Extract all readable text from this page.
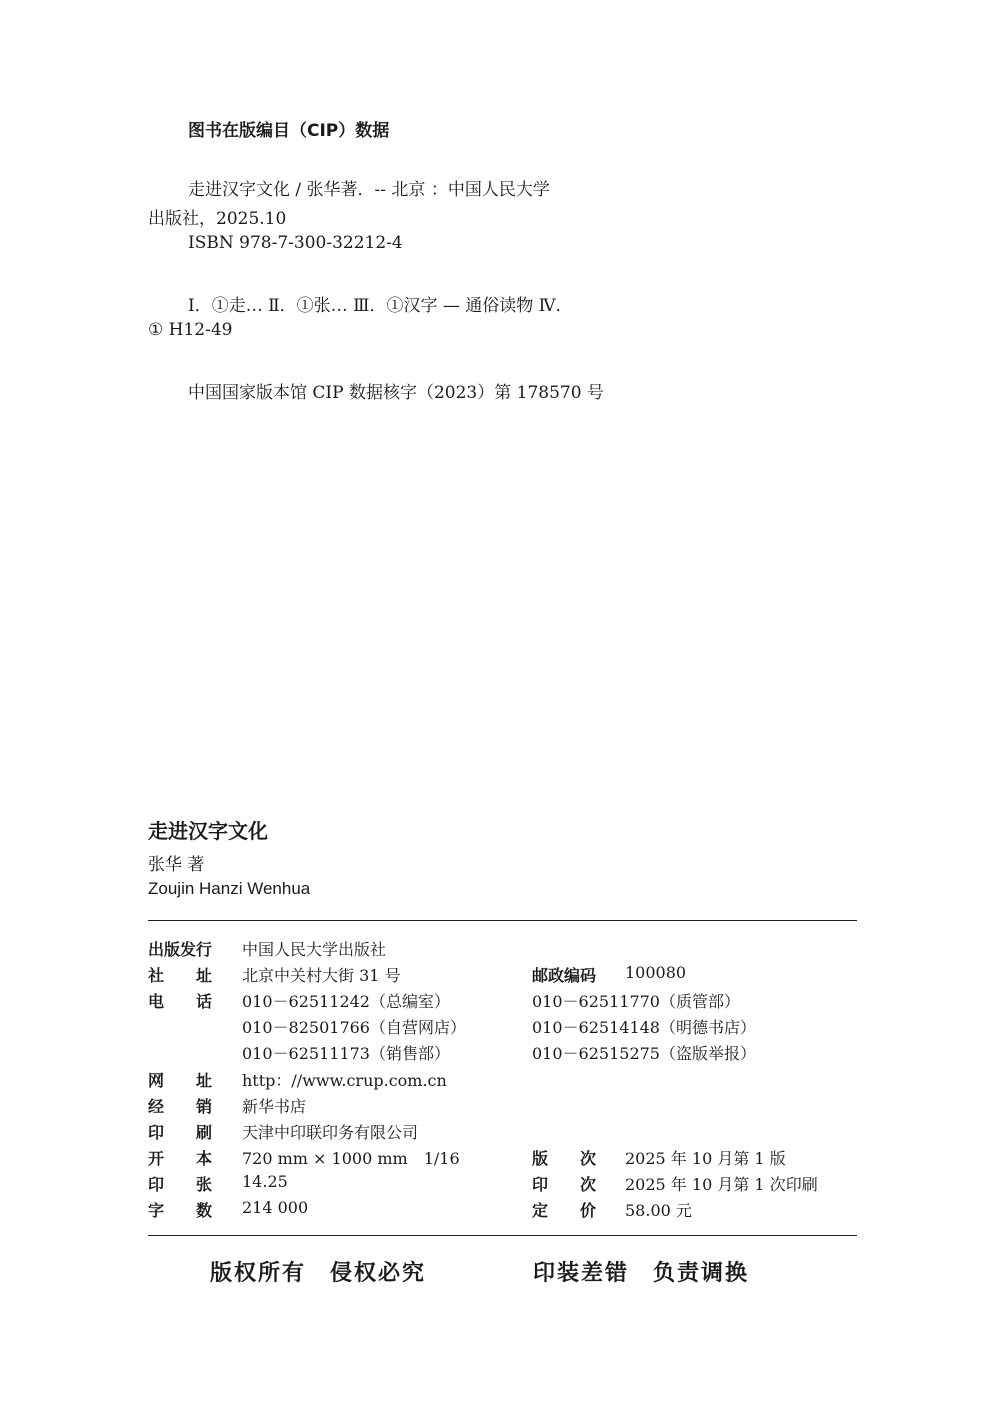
图书在版编目（CIP）数据
走进汉字文化 / 张华著．-- 北京 ：中国人民大学
出版社，2025.10
ISBN 978-7-300-32212-4
Ⅰ．①走… Ⅱ．①张… Ⅲ．①汉字 — 通俗读物 Ⅳ．
① H12-49
中国国家版本馆 CIP 数据核字（2023）第 178570 号
走进汉字文化
张华 著
Zoujin Hanzi Wenhua
出版发行 中国人民大学出版社
社　　址 北京中关村大街 31 号	邮政编码 100080
电　　话 010－62511242（总编室）	010－62511770（质管部）
010－82501766（自营网店）	010－62514148（明德书店）
010－62511173（销售部）	010－62515275（盗版举报）
网　　址 http：//www.crup.com.cn
经　　销 新华书店
印　　刷 天津中印联印务有限公司
开　　本 720 mm × 1000 mm　1/16	版　　次 2025 年 10 月第 1 版
印　　张 14.25	印　　次 2025 年 10 月第 1 次印刷
字　　数 214 000	定　　价 58.00 元
版权所有　侵权必究	印装差错　负责调换
